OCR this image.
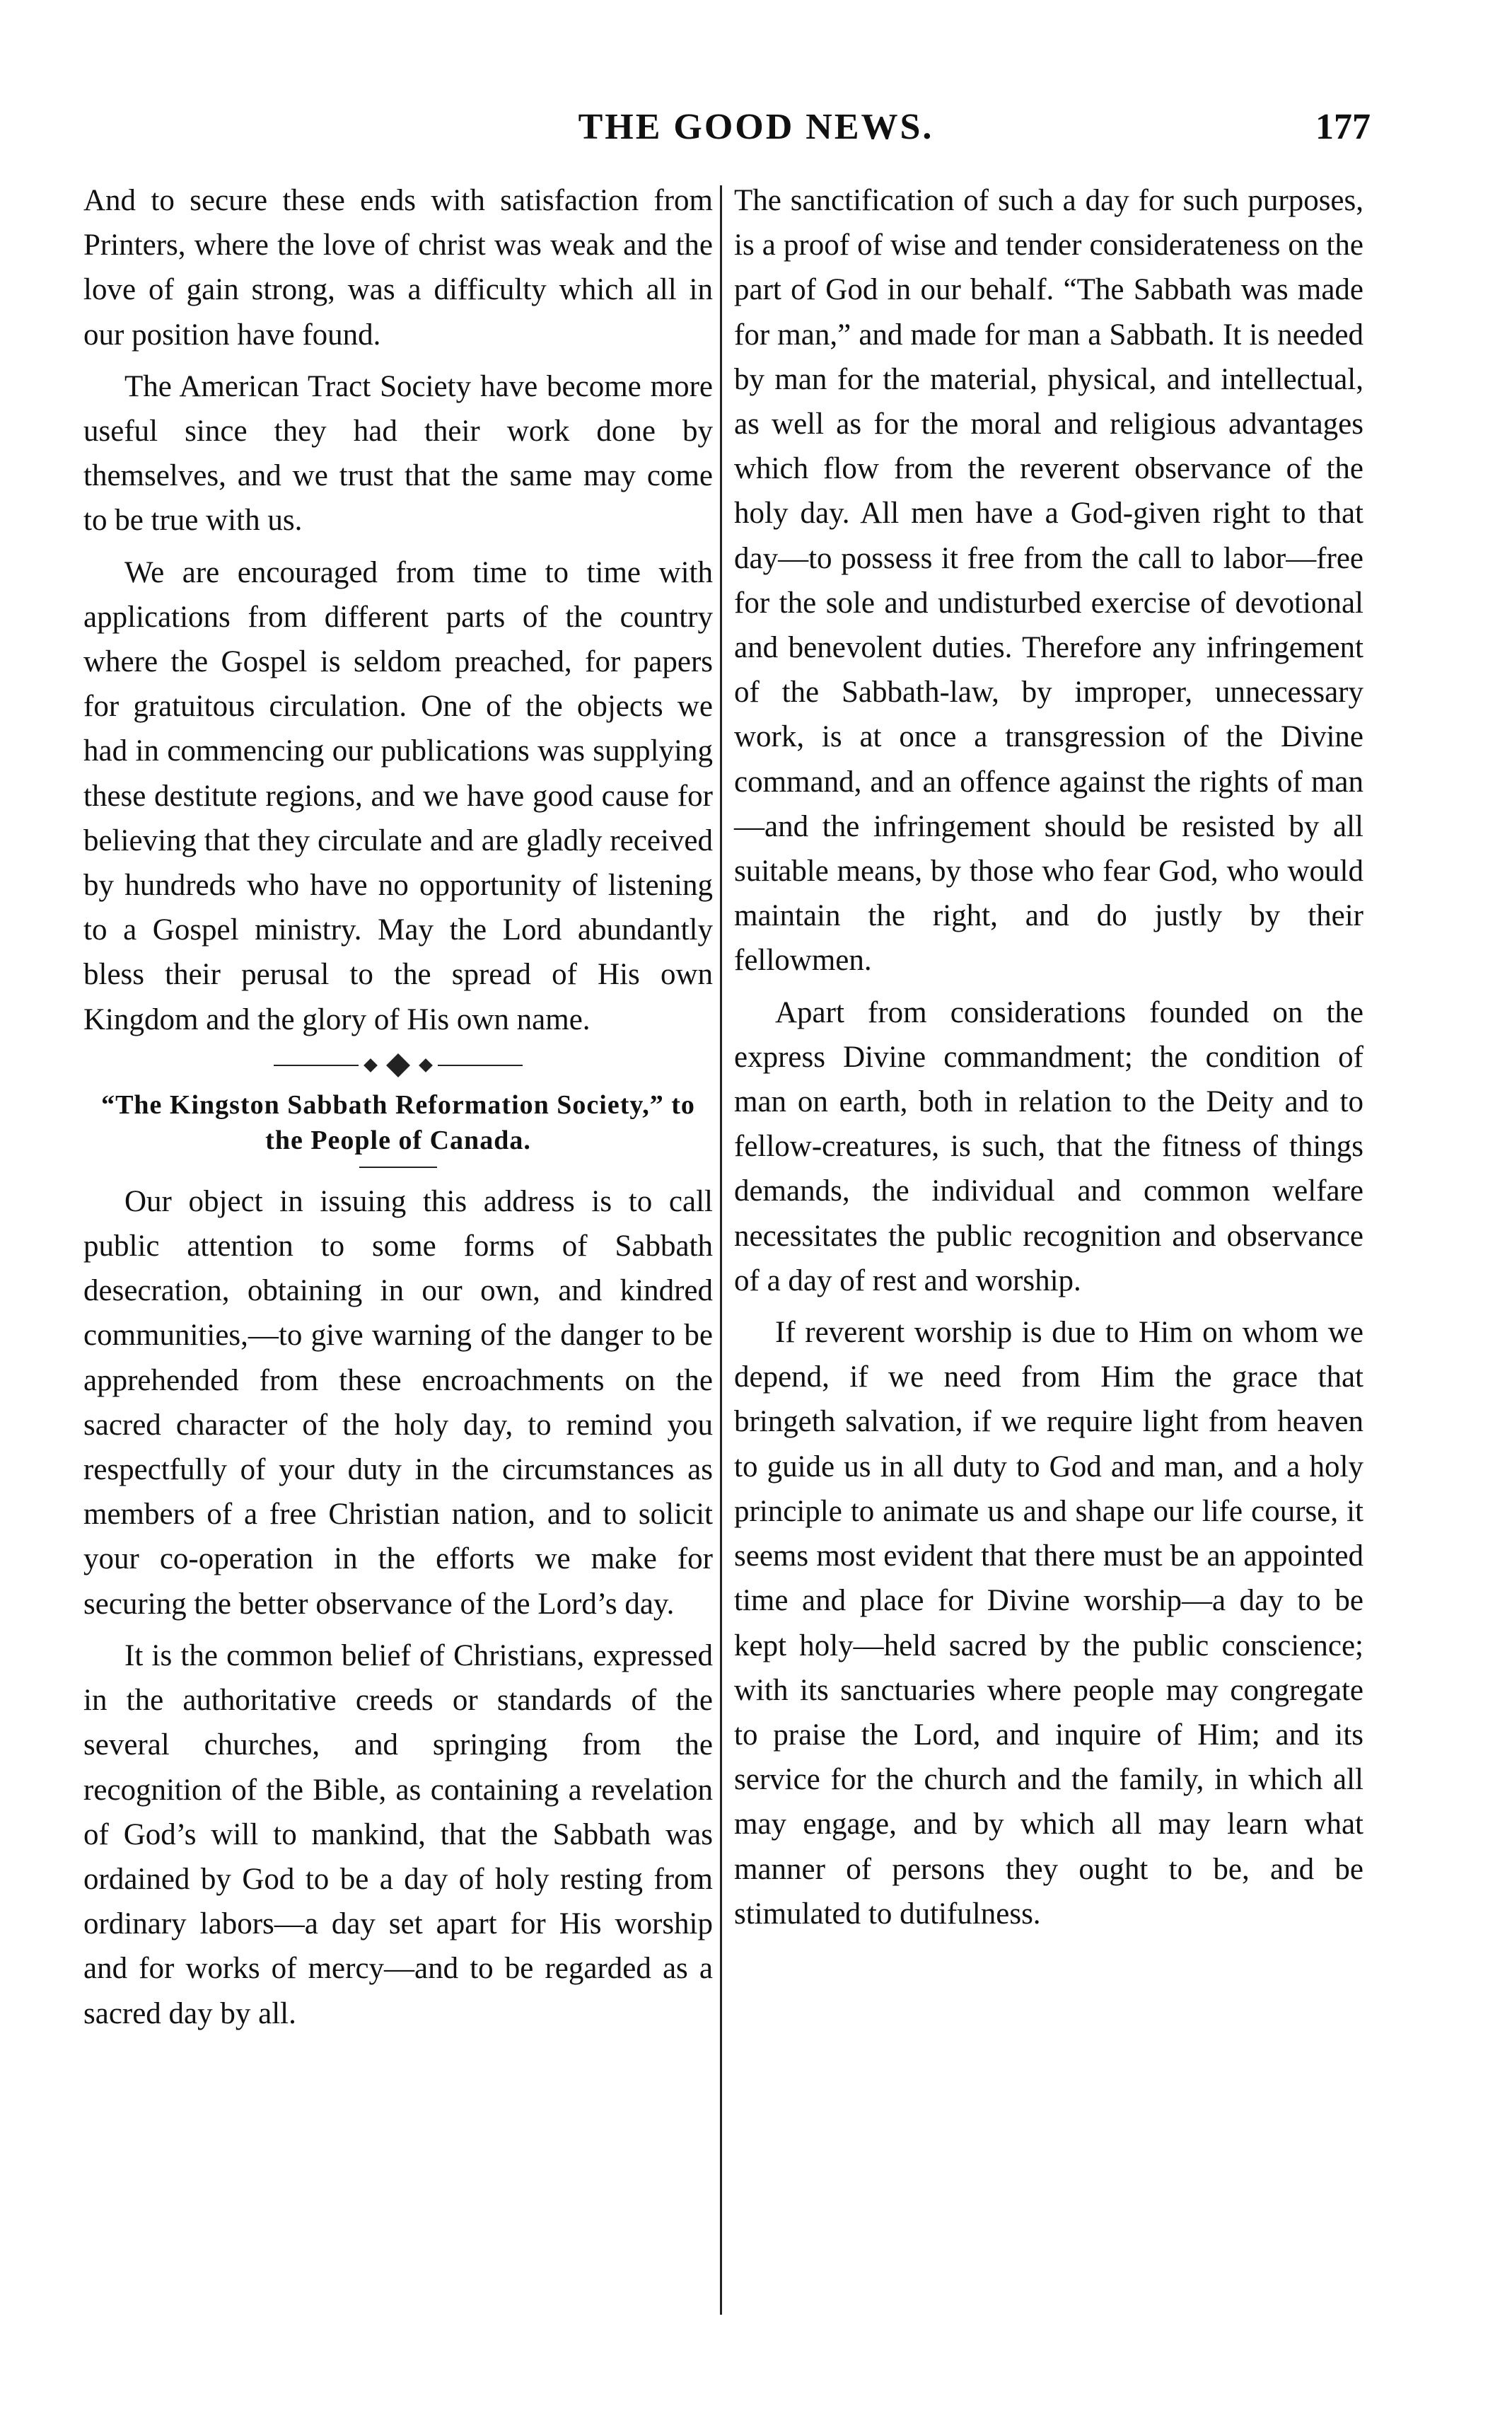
THE GOOD NEWS.	177

And to secure these ends with satisfaction from Printers, where the love of christ was weak and the love of gain strong, was a difficulty which all in our position have found.

The American Tract Society have become more useful since they had their work done by themselves, and we trust that the same may come to be true with us.

We are encouraged from time to time with applications from different parts of the country where the Gospel is seldom preached, for papers for gratuitous circulation. One of the objects we had in commencing our publications was supplying these destitute regions, and we have good cause for believing that they circulate and are gladly received by hundreds who have no opportunity of listening to a Gospel ministry. May the Lord abundantly bless their perusal to the spread of His own Kingdom and the glory of His own name.

“The Kingston Sabbath Reformation Society,” to the People of Canada.

Our object in issuing this address is to call public attention to some forms of Sabbath desecration, obtaining in our own, and kindred communities,—to give warning of the danger to be apprehended from these encroachments on the sacred character of the holy day, to remind you respectfully of your duty in the circumstances as members of a free Christian nation, and to solicit your co-operation in the efforts we make for securing the better observance of the Lord’s day.

It is the common belief of Christians, expressed in the authoritative creeds or standards of the several churches, and springing from the recognition of the Bible, as containing a revelation of God’s will to mankind, that the Sabbath was ordained by God to be a day of holy resting from ordinary labors—a day set apart for His worship and for works of mercy—and to be regarded as a sacred day by all.

The sanctification of such a day for such purposes, is a proof of wise and tender considerateness on the part of God in our behalf. “The Sabbath was made for man,” and made for man a Sabbath. It is needed by man for the material, physical, and intellectual, as well as for the moral and religious advantages which flow from the reverent observance of the holy day. All men have a God-given right to that day—to possess it free from the call to labor—free for the sole and undisturbed exercise of devotional and benevolent duties. Therefore any infringement of the Sabbath-law, by improper, unnecessary work, is at once a transgression of the Divine command, and an offence against the rights of man—and the infringement should be resisted by all suitable means, by those who fear God, who would maintain the right, and do justly by their fellowmen.

Apart from considerations founded on the express Divine commandment; the condition of man on earth, both in relation to the Deity and to fellow-creatures, is such, that the fitness of things demands, the individual and common welfare necessitates the public recognition and observance of a day of rest and worship.

If reverent worship is due to Him on whom we depend, if we need from Him the grace that bringeth salvation, if we require light from heaven to guide us in all duty to God and man, and a holy principle to animate us and shape our life course, it seems most evident that there must be an appointed time and place for Divine worship—a day to be kept holy—held sacred by the public conscience; with its sanctuaries where people may congregate to praise the Lord, and inquire of Him; and its service for the church and the family, in which all may engage, and by which all may learn what manner of persons they ought to be, and be stimulated to dutifulness.
